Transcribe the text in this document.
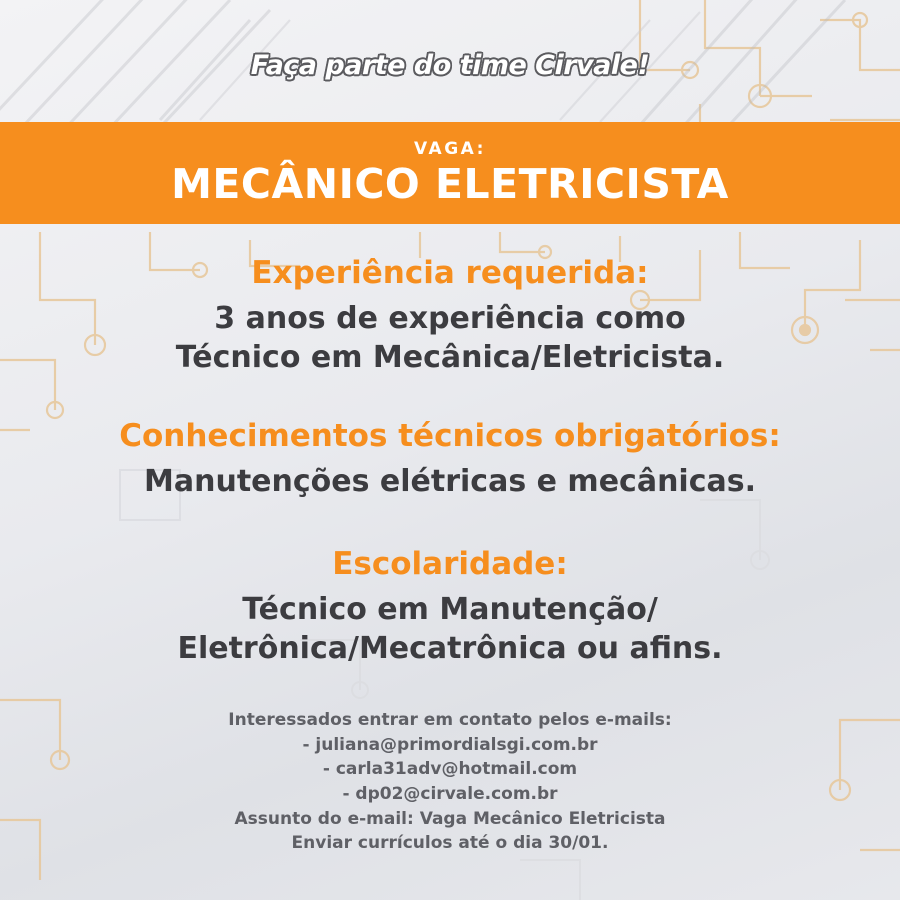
Faça parte do time Cirvale!
VAGA:
MECÂNICO ELETRICISTA

Experiência requerida:

3 anos de experiência como

Técnico em Mecânica/Eletricista.

Conhecimentos técnicos obrigatórios:

Manutenções elétricas e mecânicas.

Escolaridade:

Técnico em Manutenção/

Eletrônica/Mecatrônica ou afins.

Interessados entrar em contato pelos e-mails:

- juliana@primordialsgi.com.br

- carla31adv@hotmail.com

- dp02@cirvale.com.br

Assunto do e-mail: Vaga Mecânico Eletricista

Enviar currículos até o dia 30/01.
